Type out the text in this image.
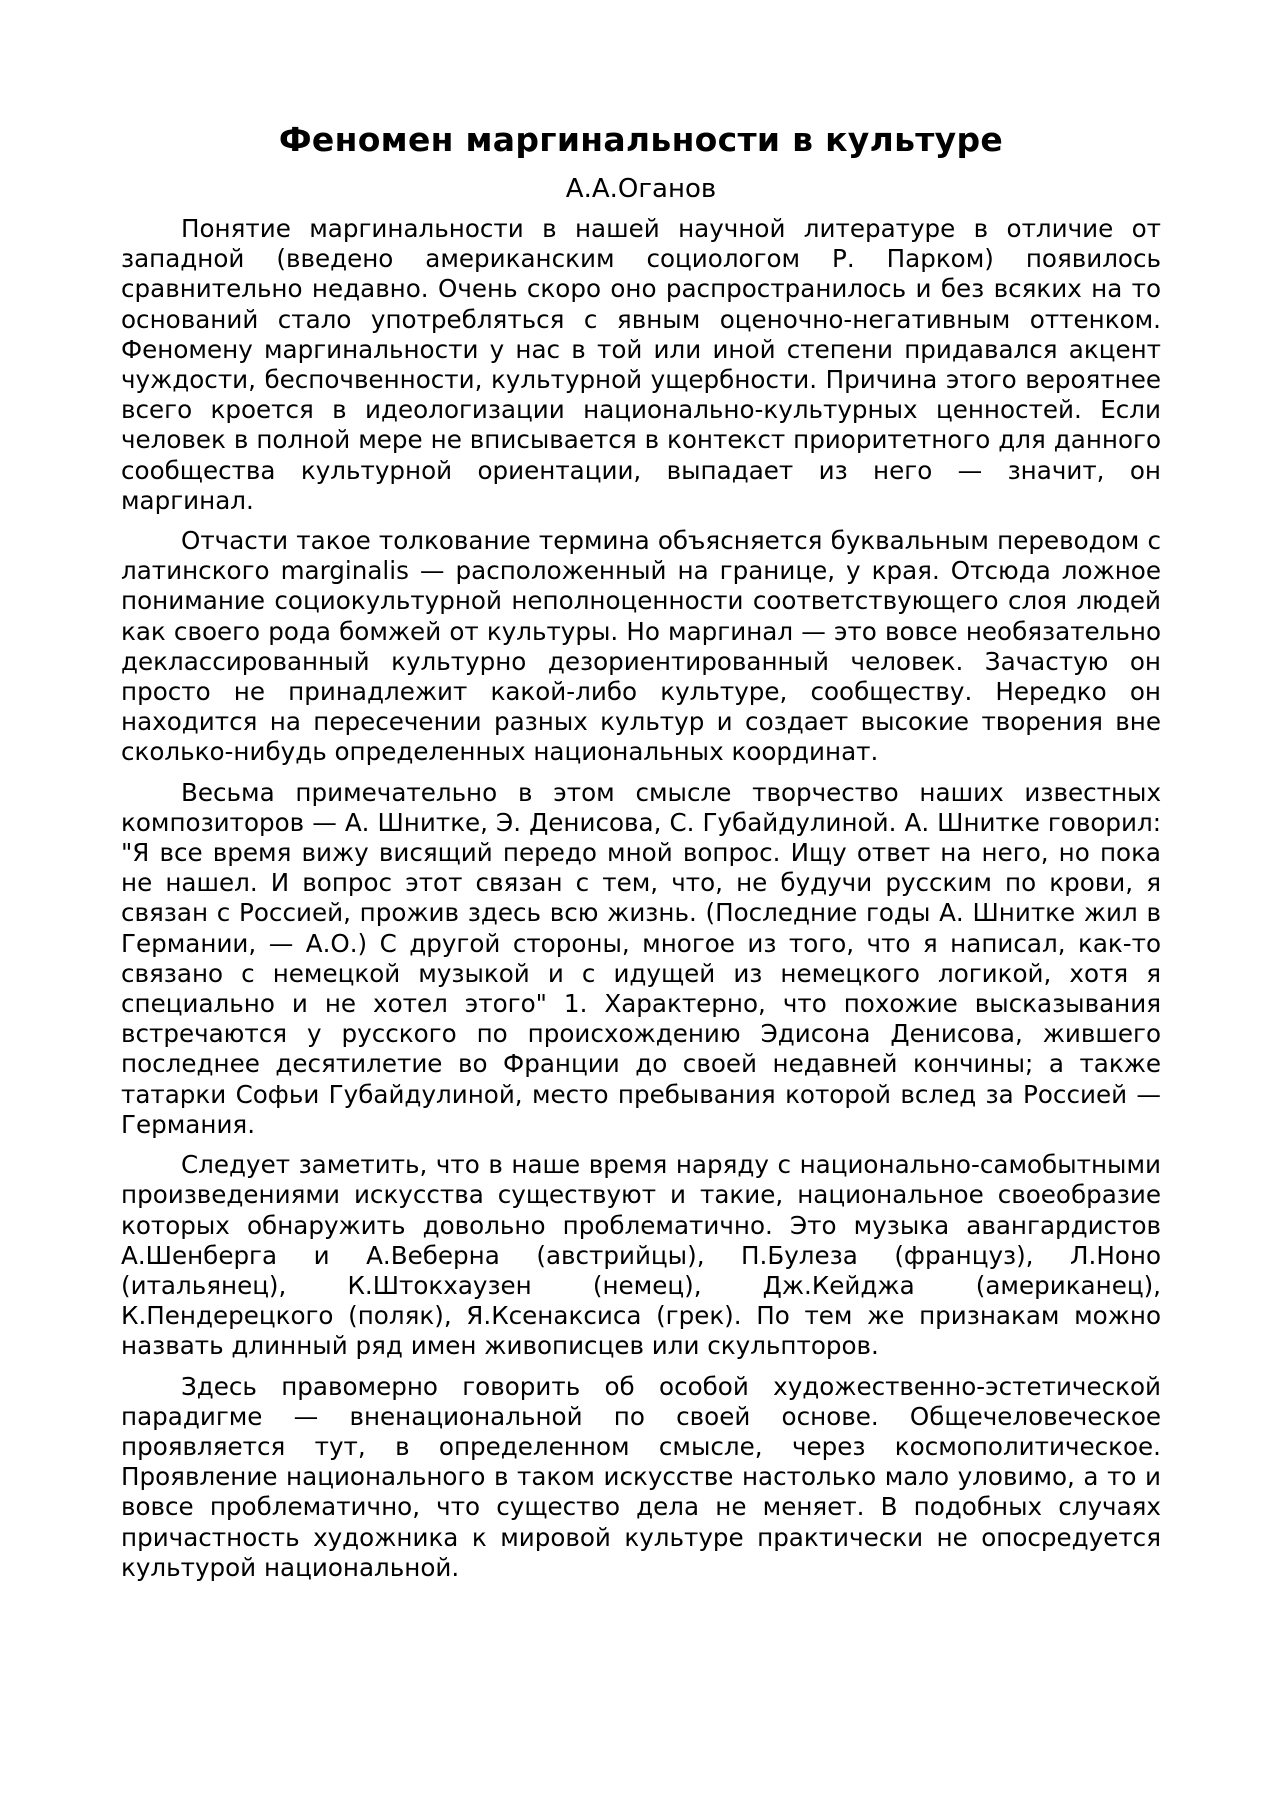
Феномен маргинальности в культуре
А.А.Оганов

Понятие маргинальности в нашей научной литературе в отличие от западной (введено американским социологом Р. Парком) появилось сравнительно недавно. Очень скоро оно распространилось и без всяких на то оснований стало употребляться с явным оценочно-негативным оттенком. Феномену маргинальности у нас в той или иной степени придавался акцент чуждости, беспочвенности, культурной ущербности. Причина этого вероятнее всего кроется в идеологизации национально-культурных ценностей. Если человек в полной мере не вписывается в контекст приоритетного для данного сообщества культурной ориентации, выпадает из него — значит, он маргинал.

Отчасти такое толкование термина объясняется буквальным переводом с латинского marginalis — расположенный на границе, у края. Отсюда ложное понимание социокультурной неполноценности соответствующего слоя людей как своего рода бомжей от культуры. Но маргинал — это вовсе необязательно деклассированный культурно дезориентированный человек. Зачастую он просто не принадлежит какой-либо культуре, сообществу. Нередко он находится на пересечении разных культур и создает высокие творения вне сколько-нибудь определенных национальных координат.

Весьма примечательно в этом смысле творчество наших известных композиторов — А. Шнитке, Э. Денисова, С. Губайдулиной. А. Шнитке говорил: "Я все время вижу висящий передо мной вопрос. Ищу ответ на него, но пока не нашел. И вопрос этот связан с тем, что, не будучи русским по крови, я связан с Россией, прожив здесь всю жизнь. (Последние годы А. Шнитке жил в Германии, — А.О.) С другой стороны, многое из того, что я написал, как-то связано с немецкой музыкой и с идущей из немецкого логикой, хотя я специально и не хотел этого" 1. Характерно, что похожие высказывания встречаются у русского по происхождению Эдисона Денисова, жившего последнее десятилетие во Франции до своей недавней кончины; а также татарки Софьи Губайдулиной, место пребывания которой вслед за Россией — Германия.

Следует заметить, что в наше время наряду с национально-самобытными произведениями искусства существуют и такие, национальное своеобразие которых обнаружить довольно проблематично. Это музыка авангардистов А.Шенберга и А.Веберна (австрийцы), П.Булеза (француз), Л.Ноно (итальянец), К.Штокхаузен (немец), Дж.Кейджа (американец), К.Пендерецкого (поляк), Я.Ксенаксиса (грек). По тем же признакам можно назвать длинный ряд имен живописцев или скульпторов.

Здесь правомерно говорить об особой художественно-эстетической парадигме — вненациональной по своей основе. Общечеловеческое проявляется тут, в определенном смысле, через космополитическое. Проявление национального в таком искусстве настолько мало уловимо, а то и вовсе проблематично, что существо дела не меняет. В подобных случаях причастность художника к мировой культуре практически не опосредуется культурой национальной.
